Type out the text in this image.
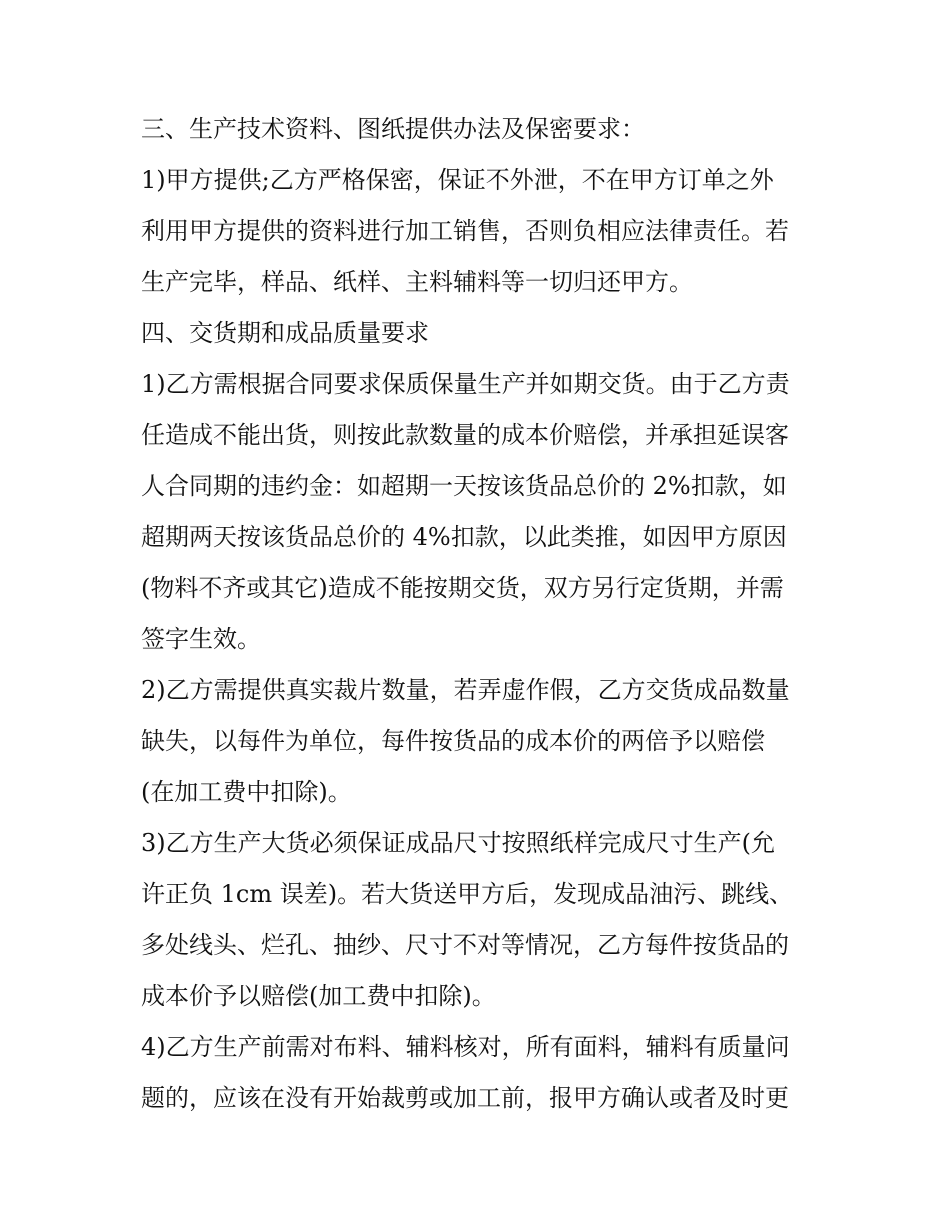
三、生产技术资料、图纸提供办法及保密要求：
1)甲方提供;乙方严格保密，保证不外泄，不在甲方订单之外
利用甲方提供的资料进行加工销售，否则负相应法律责任。若
生产完毕，样品、纸样、主料辅料等一切归还甲方。
四、交货期和成品质量要求
1)乙方需根据合同要求保质保量生产并如期交货。由于乙方责
任造成不能出货，则按此款数量的成本价赔偿，并承担延误客
人合同期的违约金：如超期一天按该货品总价的 2%扣款，如
超期两天按该货品总价的 4%扣款，以此类推，如因甲方原因
(物料不齐或其它)造成不能按期交货，双方另行定货期，并需
签字生效。
2)乙方需提供真实裁片数量，若弄虚作假，乙方交货成品数量
缺失，以每件为单位，每件按货品的成本价的两倍予以赔偿
(在加工费中扣除)。
3)乙方生产大货必须保证成品尺寸按照纸样完成尺寸生产(允
许正负 1cm 误差)。若大货送甲方后，发现成品油污、跳线、
多处线头、烂孔、抽纱、尺寸不对等情况，乙方每件按货品的
成本价予以赔偿(加工费中扣除)。
4)乙方生产前需对布料、辅料核对，所有面料，辅料有质量问
题的，应该在没有开始裁剪或加工前，报甲方确认或者及时更
